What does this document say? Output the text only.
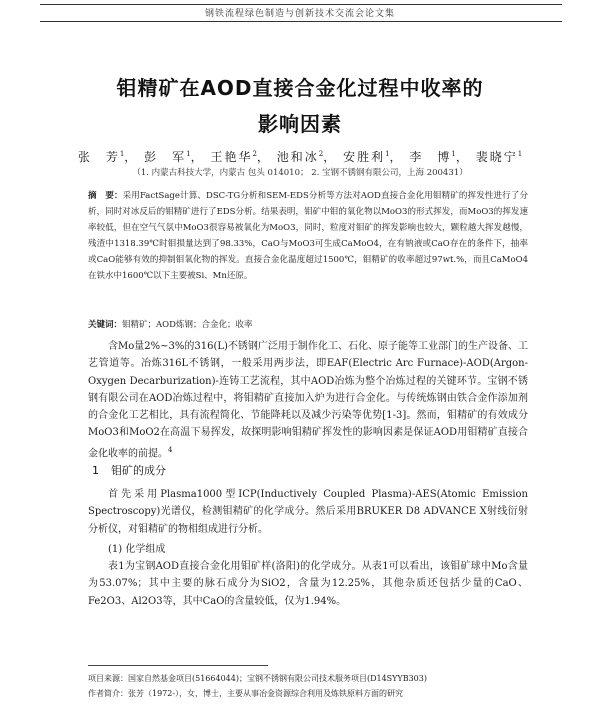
钢铁流程绿色制造与创新技术交流会论文集
钼精矿在AOD直接合金化过程中收率的
影响因素
张　芳$^1$， 彭　军$^1$， 王艳华$^2$， 池和冰$^2$， 安胜利$^1$， 李　博$^1$， 裴晓宁$^1$
（1. 内蒙古科技大学，内蒙古 包头 014010； 2. 宝钢不锈钢有限公司，上海 200431）
摘　要：采用FactSage计算、DSC-TG分析和SEM-EDS分析等方法对AOD直接合金化用钼精矿的挥发性进行了分析，同时对冰反后的钼精矿进行了EDS分析。结果表明，钼矿中钼的氧化物以MoO3的形式挥发，而MoO3的挥发速率较低，但在空气气氛中MoO3很容易被氧化为MoO3，同时，粒度对钼矿的挥发影响也较大，颗粒越大挥发越慢，残渣中1318.39℃时钼损量达到了98.33%，CaO与MoO3可生成CaMoO4，在有钠液或CaO存在的条件下，抽率或CaO能够有效的抑制钼氧化物的挥发。直接合金化温度超过1500℃，钼精矿的收率超过97wt.%，而且CaMoO4在铁水中1600℃以下主要被Si、Mn还原。
关键词：钼精矿；AOD炼钢；合金化；收率
含Mo量2%~3%的316(L)不锈钢广泛用于制作化工、石化、原子能等工业部门的生产设备、工艺管道等。冶炼316L不锈钢，一般采用两步法，即EAF(Electric Arc Furnace)-AOD(Argon-Oxygen Decarburization)-连铸工艺流程，其中AOD冶炼为整个冶炼过程的关键环节。宝钢不锈钢有限公司在AOD冶炼过程中，将钼精矿直接加入炉为进行合金化。与传统炼钢由铁合金作添加剂的合金化工艺相比，具有流程简化、节能降耗以及减少污染等优势[1-3]。然而，钼精矿的有效成分MoO3和MoO2在高温下易挥发，故探明影响钼精矿挥发性的影响因素是保证AOD用钼精矿直接合金化收率的前提。$^4$
1 钼矿的成分
首先采用Plasma1000型ICP(Inductively Coupled Plasma)-AES(Atomic Emission Spectroscopy)光谱仪，检测钼精矿的化学成分。然后采用BRUKER D8 ADVANCE X射线衍射分析仪，对钼精矿的物相组成进行分析。
(1) 化学组成
表1为宝钢AOD直接合金化用钼矿样(洛阳)的化学成分。从表1可以看出，该钼矿球中Mo含量为53.07%；其中主要的脉石成分为SiO2，含量为12.25%，其他杂质还包括少量的CaO、Fe2O3、Al2O3等，其中CaO的含量较低，仅为1.94%。
项目来源：国家自然基金项目(51664044)；宝钢不锈钢有限公司技术服务项目(D14SYYB303)
作者简介：张芳（1972-），女，博士，主要从事冶金资源综合利用及炼铁原料方面的研究
